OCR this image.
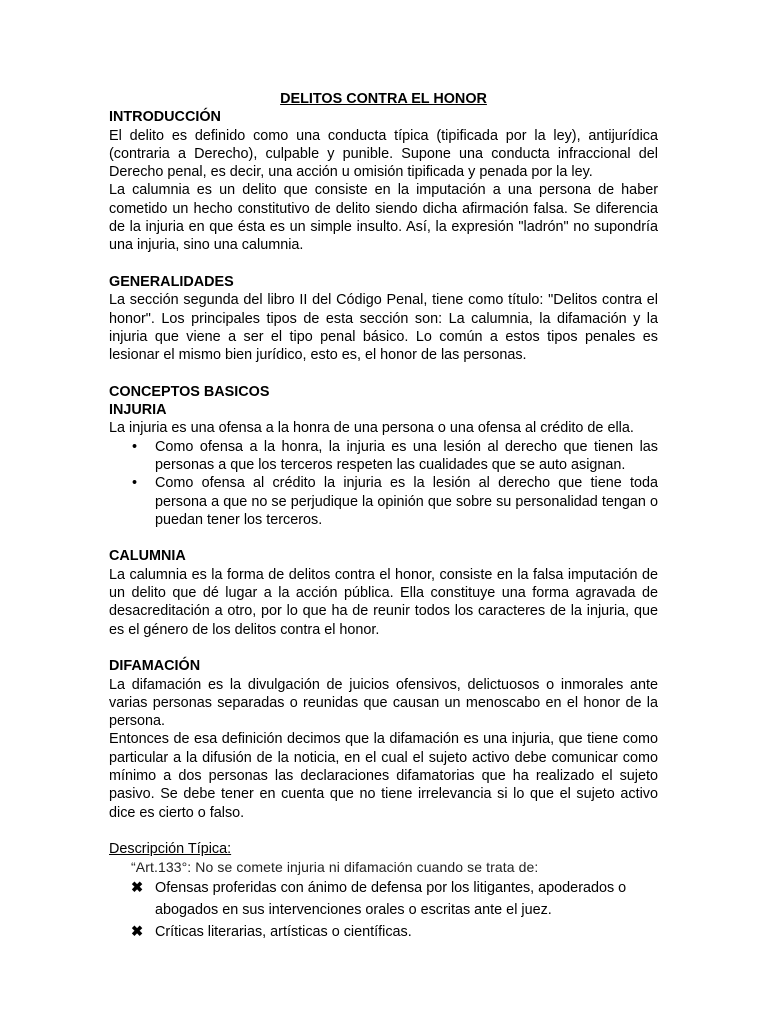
DELITOS CONTRA EL HONOR

INTRODUCCIÓN

El delito es definido como una conducta típica (tipificada por la ley), antijurídica (contraria a Derecho), culpable y punible. Supone una conducta infraccional del Derecho penal, es decir, una acción u omisión tipificada y penada por la ley.

La calumnia es un delito que consiste en la imputación a una persona de haber cometido un hecho constitutivo de delito siendo dicha afirmación falsa. Se diferencia de la injuria en que ésta es un simple insulto. Así, la expresión "ladrón" no supondría una injuria, sino una calumnia.

GENERALIDADES

La sección segunda del libro II del Código Penal, tiene como título: "Delitos contra el honor". Los principales tipos de esta sección son: La calumnia, la difamación y la injuria que viene a ser el tipo penal básico. Lo común a estos tipos penales es lesionar el mismo bien jurídico, esto es, el honor de las personas.

CONCEPTOS BASICOS

INJURIA

La injuria es una ofensa a la honra de una persona o una ofensa al crédito de ella.

• Como ofensa a la honra, la injuria es una lesión al derecho que tienen las personas a que los terceros respeten las cualidades que se auto asignan.
• Como ofensa al crédito la injuria es la lesión al derecho que tiene toda persona a que no se perjudique la opinión que sobre su personalidad tengan o puedan tener los terceros.

CALUMNIA

La calumnia es la forma de delitos contra el honor, consiste en la falsa imputación de un delito que dé lugar a la acción pública. Ella constituye una forma agravada de desacreditación a otro, por lo que ha de reunir todos los caracteres de la injuria, que es el género de los delitos contra el honor.

DIFAMACIÓN

La difamación es la divulgación de juicios ofensivos, delictuosos o inmorales ante varias personas separadas o reunidas que causan un menoscabo en el honor de la persona.

Entonces de esa definición decimos que la difamación es una injuria, que tiene como particular a la difusión de la noticia, en el cual el sujeto activo debe comunicar como mínimo a dos personas las declaraciones difamatorias que ha realizado el sujeto pasivo. Se debe tener en cuenta que no tiene irrelevancia si lo que el sujeto activo dice es cierto o falso.

Descripción Típica:

“Art.133°: No se comete injuria ni difamación cuando se trata de:

✖ Ofensas proferidas con ánimo de defensa por los litigantes, apoderados o abogados en sus intervenciones orales o escritas ante el juez.
✖ Críticas literarias, artísticas o científicas.
